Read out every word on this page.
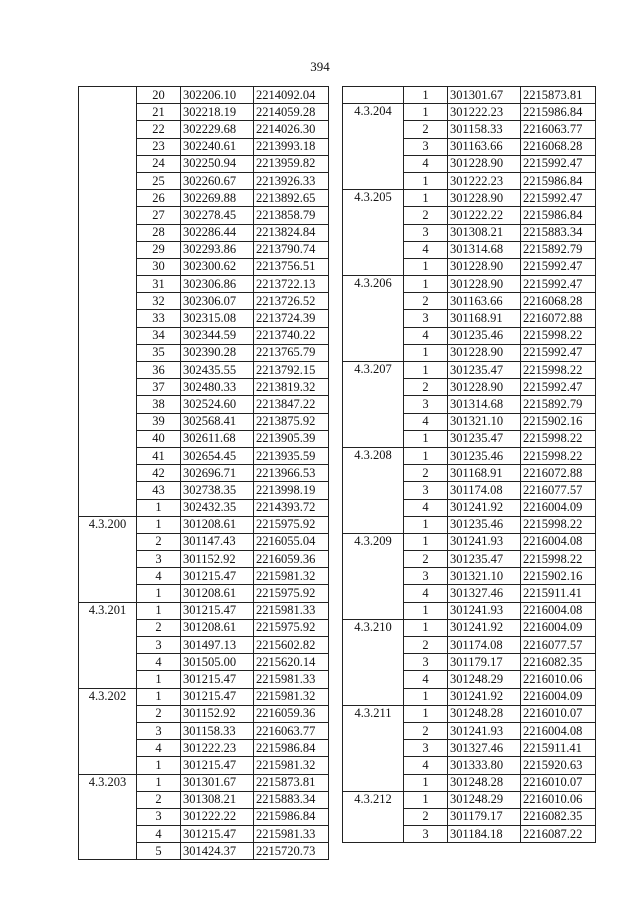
394
	20	302206.10	2214092.04
	21	302218.19	2214059.28
	22	302229.68	2214026.30
	23	302240.61	2213993.18
	24	302250.94	2213959.82
	25	302260.67	2213926.33
	26	302269.88	2213892.65
	27	302278.45	2213858.79
	28	302286.44	2213824.84
	29	302293.86	2213790.74
	30	302300.62	2213756.51
	31	302306.86	2213722.13
	32	302306.07	2213726.52
	33	302315.08	2213724.39
	34	302344.59	2213740.22
	35	302390.28	2213765.79
	36	302435.55	2213792.15
	37	302480.33	2213819.32
	38	302524.60	2213847.22
	39	302568.41	2213875.92
	40	302611.68	2213905.39
	41	302654.45	2213935.59
	42	302696.71	2213966.53
	43	302738.35	2213998.19
	1	302432.35	2214393.72
4.3.200	1	301208.61	2215975.92
	2	301147.43	2216055.04
	3	301152.92	2216059.36
	4	301215.47	2215981.32
	1	301208.61	2215975.92
4.3.201	1	301215.47	2215981.33
	2	301208.61	2215975.92
	3	301497.13	2215602.82
	4	301505.00	2215620.14
	1	301215.47	2215981.33
4.3.202	1	301215.47	2215981.32
	2	301152.92	2216059.36
	3	301158.33	2216063.77
	4	301222.23	2215986.84
	1	301215.47	2215981.32
4.3.203	1	301301.67	2215873.81
	2	301308.21	2215883.34
	3	301222.22	2215986.84
	4	301215.47	2215981.33
	5	301424.37	2215720.73
	1	301301.67	2215873.81
4.3.204	1	301222.23	2215986.84
	2	301158.33	2216063.77
	3	301163.66	2216068.28
	4	301228.90	2215992.47
	1	301222.23	2215986.84
4.3.205	1	301228.90	2215992.47
	2	301222.22	2215986.84
	3	301308.21	2215883.34
	4	301314.68	2215892.79
	1	301228.90	2215992.47
4.3.206	1	301228.90	2215992.47
	2	301163.66	2216068.28
	3	301168.91	2216072.88
	4	301235.46	2215998.22
	1	301228.90	2215992.47
4.3.207	1	301235.47	2215998.22
	2	301228.90	2215992.47
	3	301314.68	2215892.79
	4	301321.10	2215902.16
	1	301235.47	2215998.22
4.3.208	1	301235.46	2215998.22
	2	301168.91	2216072.88
	3	301174.08	2216077.57
	4	301241.92	2216004.09
	1	301235.46	2215998.22
4.3.209	1	301241.93	2216004.08
	2	301235.47	2215998.22
	3	301321.10	2215902.16
	4	301327.46	2215911.41
	1	301241.93	2216004.08
4.3.210	1	301241.92	2216004.09
	2	301174.08	2216077.57
	3	301179.17	2216082.35
	4	301248.29	2216010.06
	1	301241.92	2216004.09
4.3.211	1	301248.28	2216010.07
	2	301241.93	2216004.08
	3	301327.46	2215911.41
	4	301333.80	2215920.63
	1	301248.28	2216010.07
4.3.212	1	301248.29	2216010.06
	2	301179.17	2216082.35
	3	301184.18	2216087.22
